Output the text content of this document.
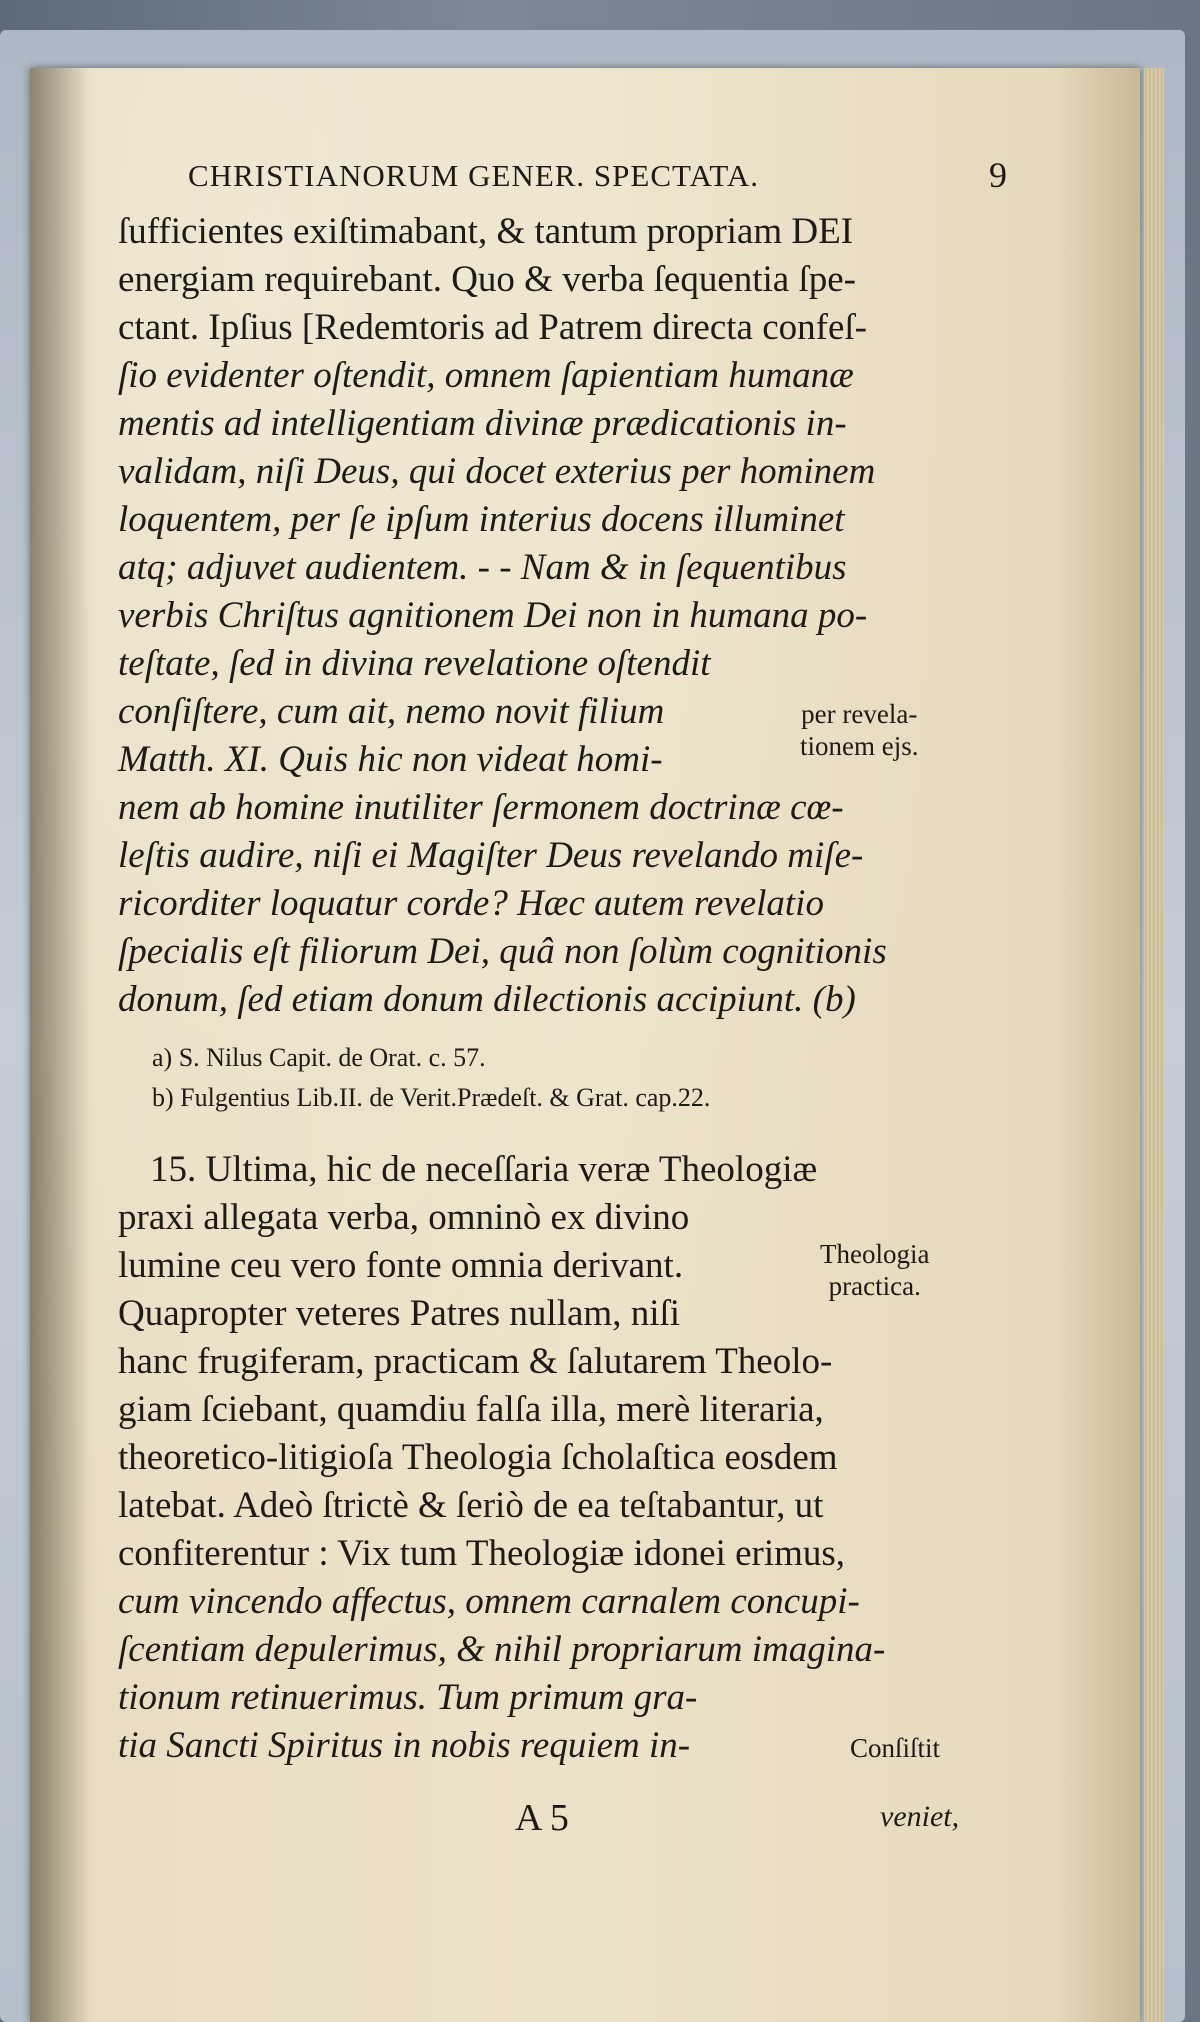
CHRISTIANORUM GENER. SPECTATA.	9
ſufficientes exiſtimabant, & tantum propriam DEI
energiam requirebant. Quo & verba ſequentia ſpe-
ctant. Ipſius [Redemtoris ad Patrem directa confeſ-
ſio evidenter oſtendit, omnem ſapientiam humanæ
mentis ad intelligentiam divinæ prædicationis in-
validam, niſi Deus, qui docet exterius per hominem
loquentem, per ſe ipſum interius docens illuminet
atq; adjuvet audientem. - - Nam & in ſequentibus
verbis Chriſtus agnitionem Dei non in humana po-
teſtate, ſed in divina revelatione oſtendit
conſiſtere, cum ait, nemo novit filium
Matth. XI. Quis hic non videat homi-
nem ab homine inutiliter ſermonem doctrinæ cœ-
leſtis audire, niſi ei Magiſter Deus revelando miſe-
ricorditer loquatur corde? Hæc autem revelatio
ſpecialis eſt filiorum Dei, quâ non ſolùm cognitionis
donum, ſed etiam donum dilectionis accipiunt. (b)
per revela-
tionem ejs.
a) S. Nilus Capit. de Orat. c. 57.
b) Fulgentius Lib.II. de Verit.Prædeſt. & Grat. cap.22.
15. Ultima, hic de neceſſaria veræ Theologiæ
praxi allegata verba, omninò ex divino
lumine ceu vero fonte omnia derivant.
Quapropter veteres Patres nullam, niſi
hanc frugiferam, practicam & ſalutarem Theolo-
giam ſciebant, quamdiu falſa illa, merè literaria,
theoretico-litigioſa Theologia ſcholaſtica eosdem
latebat. Adeò ſtrictè & ſeriò de ea teſtabantur, ut
confiterentur : Vix tum Theologiæ idonei erimus,
cum vincendo affectus, omnem carnalem concupi-
ſcentiam depulerimus, & nihil propriarum imagina-
tionum retinuerimus. Tum primum gra-
tia Sancti Spiritus in nobis requiem in-
Theologia
practica.
Conſiſtit
A 5	veniet,
